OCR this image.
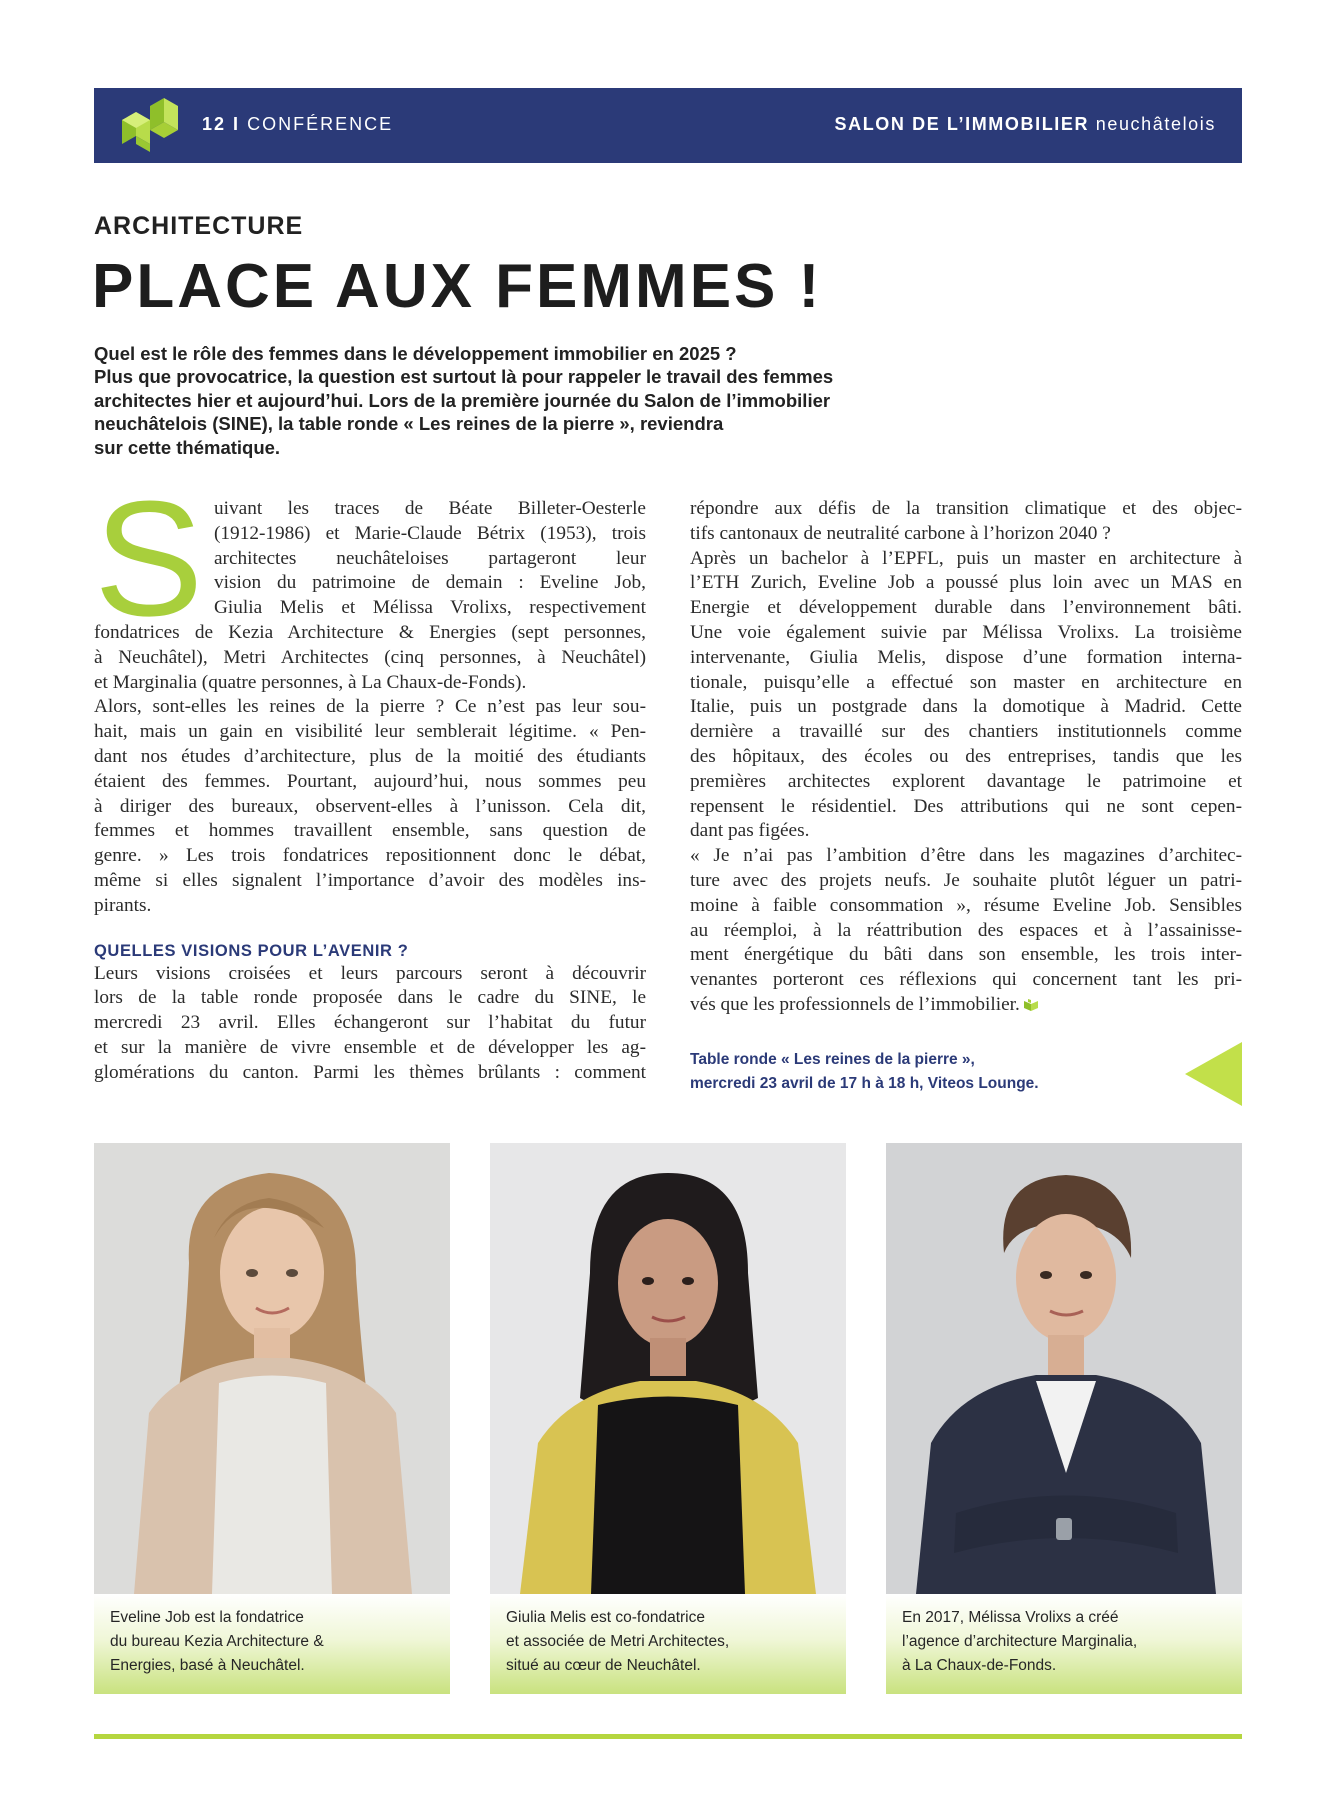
12 I CONFÉRENCE	SALON DE L’IMMOBILIER neuchâtelois
ARCHITECTURE
PLACE AUX FEMMES !
Quel est le rôle des femmes dans le développement immobilier en 2025 ?
Plus que provocatrice, la question est surtout là pour rappeler le travail des femmes
architectes hier et aujourd’hui. Lors de la première journée du Salon de l’immobilier
neuchâtelois (SINE), la table ronde « Les reines de la pierre », reviendra
sur cette thématique.
S uivant les traces de Béate Billeter-Oesterle
(1912-1986) et Marie-Claude Bétrix (1953), trois
architectes neuchâteloises partageront leur
vision du patrimoine de demain : Eveline Job,
Giulia Melis et Mélissa Vrolixs, respectivement
fondatrices de Kezia Architecture & Energies (sept personnes,
à Neuchâtel), Metri Architectes (cinq personnes, à Neuchâtel)
et Marginalia (quatre personnes, à La Chaux-de-Fonds).
Alors, sont-elles les reines de la pierre ? Ce n’est pas leur sou-
hait, mais un gain en visibilité leur semblerait légitime. « Pen-
dant nos études d’architecture, plus de la moitié des étudiants
étaient des femmes. Pourtant, aujourd’hui, nous sommes peu
à diriger des bureaux, observent-elles à l’unisson. Cela dit,
femmes et hommes travaillent ensemble, sans question de
genre. » Les trois fondatrices repositionnent donc le débat,
même si elles signalent l’importance d’avoir des modèles ins-
pirants.
QUELLES VISIONS POUR L’AVENIR ?
Leurs visions croisées et leurs parcours seront à découvrir
lors de la table ronde proposée dans le cadre du SINE, le
mercredi 23 avril. Elles échangeront sur l’habitat du futur
et sur la manière de vivre ensemble et de développer les ag-
glomérations du canton. Parmi les thèmes brûlants : comment
répondre aux défis de la transition climatique et des objec-
tifs cantonaux de neutralité carbone à l’horizon 2040 ?
Après un bachelor à l’EPFL, puis un master en architecture à
l’ETH Zurich, Eveline Job a poussé plus loin avec un MAS en
Energie et développement durable dans l’environnement bâti.
Une voie également suivie par Mélissa Vrolixs. La troisième
intervenante, Giulia Melis, dispose d’une formation interna-
tionale, puisqu’elle a effectué son master en architecture en
Italie, puis un postgrade dans la domotique à Madrid. Cette
dernière a travaillé sur des chantiers institutionnels comme
des hôpitaux, des écoles ou des entreprises, tandis que les
premières architectes explorent davantage le patrimoine et
repensent le résidentiel. Des attributions qui ne sont cepen-
dant pas figées.
« Je n’ai pas l’ambition d’être dans les magazines d’architec-
ture avec des projets neufs. Je souhaite plutôt léguer un patri-
moine à faible consommation », résume Eveline Job. Sensibles
au réemploi, à la réattribution des espaces et à l’assainisse-
ment énergétique du bâti dans son ensemble, les trois inter-
venantes porteront ces réflexions qui concernent tant les pri-
vés que les professionnels de l’immobilier.
Table ronde « Les reines de la pierre »,
mercredi 23 avril de 17 h à 18 h, Viteos Lounge.
Eveline Job est la fondatrice
du bureau Kezia Architecture &
Energies, basé à Neuchâtel.
Giulia Melis est co-fondatrice
et associée de Metri Architectes,
situé au cœur de Neuchâtel.
En 2017, Mélissa Vrolixs a créé
l’agence d’architecture Marginalia,
à La Chaux-de-Fonds.
